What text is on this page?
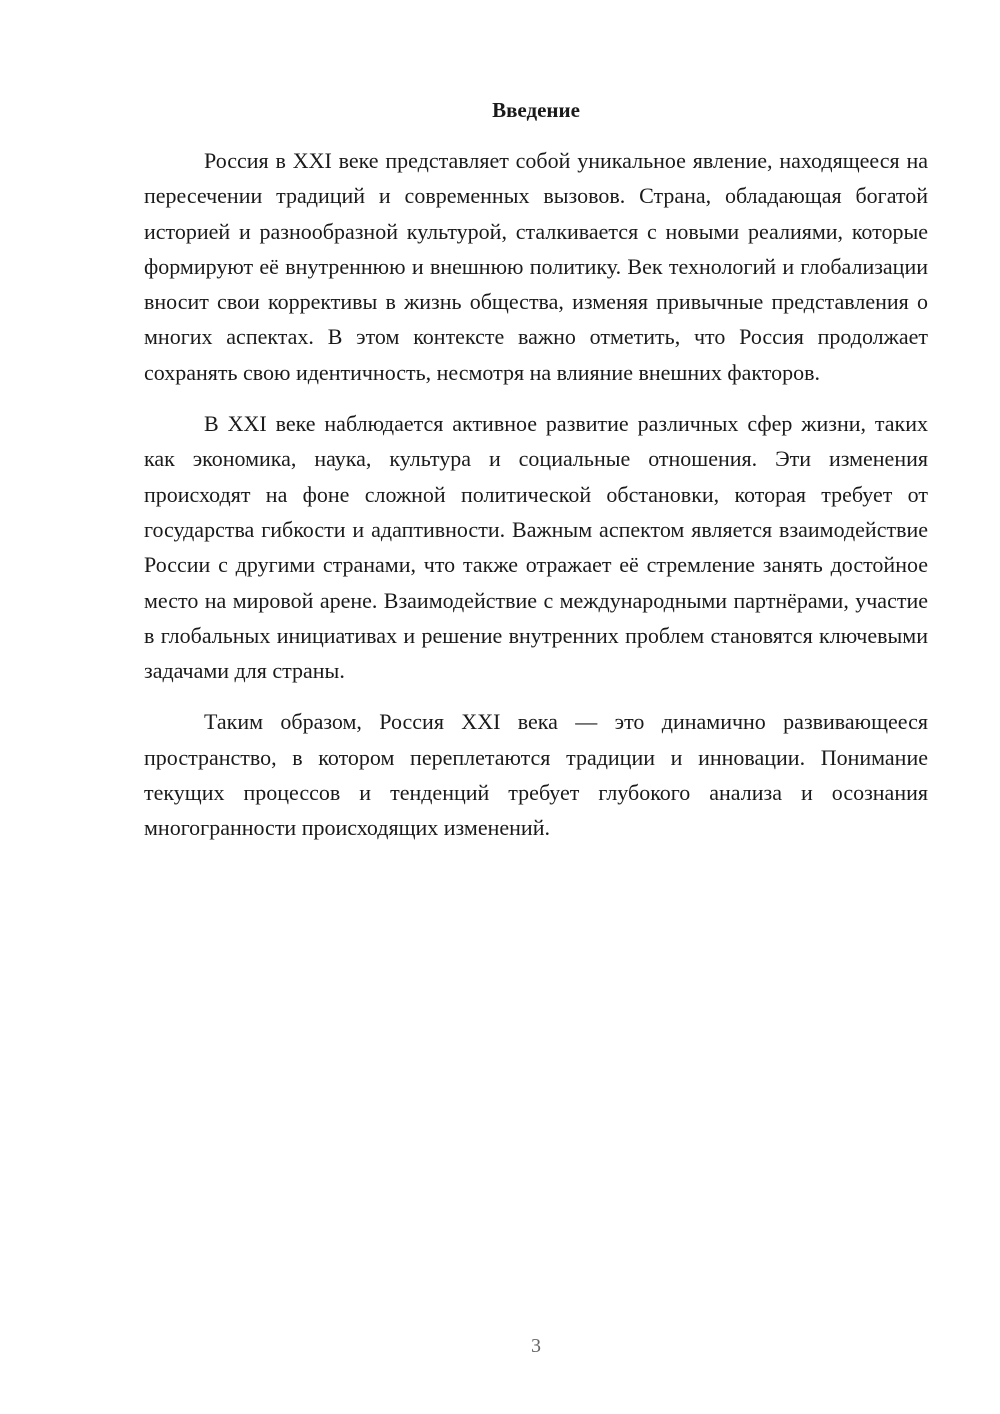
Введение

Россия в XXI веке представляет собой уникальное явление, находящееся на пересечении традиций и современных вызовов. Страна, обладающая богатой историей и разнообразной культурой, сталкивается с новыми реалиями, которые формируют её внутреннюю и внешнюю политику. Век технологий и глобализации вносит свои коррективы в жизнь общества, изменяя привычные представления о многих аспектах. В этом контексте важно отметить, что Россия продолжает сохранять свою идентичность, несмотря на влияние внешних факторов.

В XXI веке наблюдается активное развитие различных сфер жизни, таких как экономика, наука, культура и социальные отношения. Эти изменения происходят на фоне сложной политической обстановки, которая требует от государства гибкости и адаптивности. Важным аспектом является взаимодействие России с другими странами, что также отражает её стремление занять достойное место на мировой арене. Взаимодействие с международными партнёрами, участие в глобальных инициативах и решение внутренних проблем становятся ключевыми задачами для страны.

Таким образом, Россия XXI века — это динамично развивающееся пространство, в котором переплетаются традиции и инновации. Понимание текущих процессов и тенденций требует глубокого анализа и осознания многогранности происходящих изменений.

3
